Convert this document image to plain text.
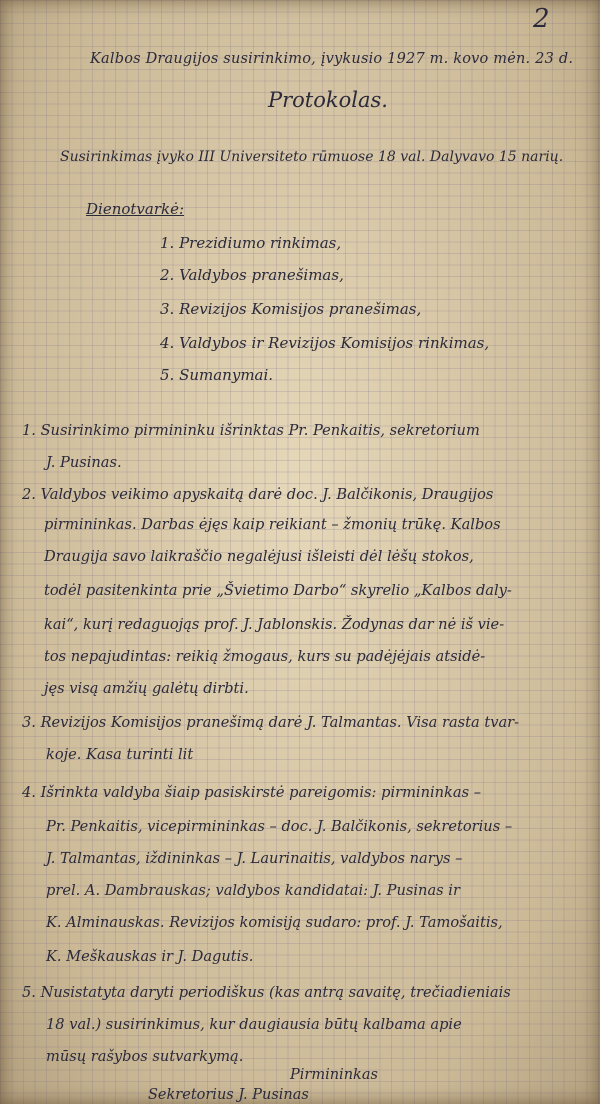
2
Kalbos Draugijos susirinkimo, įvykusio 1927 m. kovo mėn. 23 d.
Protokolas.
Susirinkimas įvyko III Universiteto rūmuose 18 val. Dalyvavo 15 narių.
Dienotvarkė:
1. Prezidiumo rinkimas,
2. Valdybos pranešimas,
3. Revizijos Komisijos pranešimas,
4. Valdybos ir Revizijos Komisijos rinkimas,
5. Sumanymai.
1. Susirinkimo pirmininku išrinktas Pr. Penkaitis, sekretorium
J. Pusinas.
2. Valdybos veikimo apyskaitą darė doc. J. Balčikonis, Draugijos
pirmininkas. Darbas ėjęs kaip reikiant – žmonių trūkę. Kalbos
Draugija savo laikraščio negalėjusi išleisti dėl lėšų stokos,
todėl pasitenkinta prie „Švietimo Darbo“ skyrelio „Kalbos daly-
kai“, kurį redaguojąs prof. J. Jablonskis. Žodynas dar nė iš vie-
tos nepajudintas: reikią žmogaus, kurs su padėjėjais atsidė-
jęs visą amžių galėtų dirbti.
3. Revizijos Komisijos pranešimą darė J. Talmantas. Visa rasta tvar-
koje. Kasa turinti lit
4. Išrinkta valdyba šiaip pasiskirstė pareigomis: pirmininkas –
Pr. Penkaitis, vicepirmininkas – doc. J. Balčikonis, sekretorius –
J. Talmantas, iždininkas – J. Laurinaitis, valdybos narys –
prel. A. Dambrauskas; valdybos kandidatai: J. Pusinas ir
K. Alminauskas. Revizijos komisiją sudaro: prof. J. Tamošaitis,
K. Meškauskas ir J. Dagutis.
5. Nusistatyta daryti periodiškus (kas antrą savaitę, trečiadieniais
18 val.) susirinkimus, kur daugiausia būtų kalbama apie
mūsų rašybos sutvarkymą.
Pirmininkas
Sekretorius J. Pusinas
